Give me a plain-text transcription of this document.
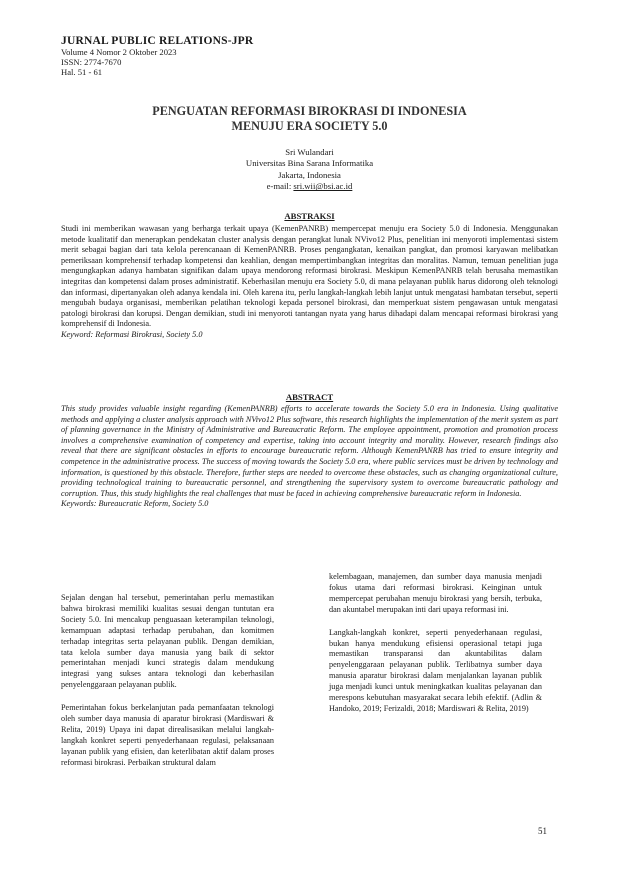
JURNAL PUBLIC RELATIONS-JPR
Volume 4 Nomor 2 Oktober 2023
ISSN: 2774-7670
Hal. 51 - 61
PENGUATAN REFORMASI BIROKRASI DI INDONESIA
MENUJU ERA SOCIETY 5.0
Sri Wulandari
Universitas Bina Sarana Informatika
Jakarta, Indonesia
e-mail: sri.wii@bsi.ac.id
ABSTRAKSI
Studi ini memberikan wawasan yang berharga terkait upaya (KemenPANRB) mempercepat menuju era Society 5.0 di Indonesia. Menggunakan metode kualitatif dan menerapkan pendekatan cluster analysis dengan perangkat lunak NVivo12 Plus, penelitian ini menyoroti implementasi sistem merit sebagai bagian dari tata kelola perencanaan di KemenPANRB. Proses pengangkatan, kenaikan pangkat, dan promosi karyawan melibatkan pemeriksaan komprehensif terhadap kompetensi dan keahlian, dengan mempertimbangkan integritas dan moralitas. Namun, temuan penelitian juga mengungkapkan adanya hambatan signifikan dalam upaya mendorong reformasi birokrasi. Meskipun KemenPANRB telah berusaha memastikan integritas dan kompetensi dalam proses administratif. Keberhasilan menuju era Society 5.0, di mana pelayanan publik harus didorong oleh teknologi dan informasi, dipertanyakan oleh adanya kendala ini. Oleh karena itu, perlu langkah-langkah lebih lanjut untuk mengatasi hambatan tersebut, seperti mengubah budaya organisasi, memberikan pelatihan teknologi kepada personel birokrasi, dan memperkuat sistem pengawasan untuk mengatasi patologi birokrasi dan korupsi. Dengan demikian, studi ini menyoroti tantangan nyata yang harus dihadapi dalam mencapai reformasi birokrasi yang komprehensif di Indonesia.
Keyword: Reformasi Birokrasi, Society 5.0
ABSTRACT
This study provides valuable insight regarding (KemenPANRB) efforts to accelerate towards the Society 5.0 era in Indonesia. Using qualitative methods and applying a cluster analysis approach with NVivo12 Plus software, this research highlights the implementation of the merit system as part of planning governance in the Ministry of Administrative and Bureaucratic Reform. The employee appointment, promotion and promotion process involves a comprehensive examination of competency and expertise, taking into account integrity and morality. However, research findings also reveal that there are significant obstacles in efforts to encourage bureaucratic reform. Although KemenPANRB has tried to ensure integrity and competence in the administrative process. The success of moving towards the Society 5.0 era, where public services must be driven by technology and information, is questioned by this obstacle. Therefore, further steps are needed to overcome these obstacles, such as changing organizational culture, providing technological training to bureaucratic personnel, and strengthening the supervisory system to overcome bureaucratic pathology and corruption. Thus, this study highlights the real challenges that must be faced in achieving comprehensive bureaucratic reform in Indonesia.
Keywords: Bureaucratic Reform, Society 5.0

Sejalan dengan hal tersebut, pemerintahan perlu memastikan bahwa birokrasi memiliki kualitas sesuai dengan tuntutan era Society 5.0. Ini mencakup penguasaan keterampilan teknologi, kemampuan adaptasi terhadap perubahan, dan komitmen terhadap integritas serta pelayanan publik. Dengan demikian, tata kelola sumber daya manusia yang baik di sektor pemerintahan menjadi kunci strategis dalam mendukung integrasi yang sukses antara teknologi dan keberhasilan penyelenggaraan pelayanan publik.

Pemerintahan fokus berkelanjutan pada pemanfaatan teknologi oleh sumber daya manusia di aparatur birokrasi (Mardiswari & Relita, 2019) Upaya ini dapat direalisasikan melalui langkah-langkah konkret seperti penyederhanaan regulasi, pelaksanaan layanan publik yang efisien, dan keterlibatan aktif dalam proses reformasi birokrasi. Perbaikan struktural dalam

kelembagaan, manajemen, dan sumber daya manusia menjadi fokus utama dari reformasi birokrasi. Keinginan untuk mempercepat perubahan menuju birokrasi yang bersih, terbuka, dan akuntabel merupakan inti dari upaya reformasi ini.

Langkah-langkah konkret, seperti penyederhanaan regulasi, bukan hanya mendukung efisiensi operasional tetapi juga memastikan transparansi dan akuntabilitas dalam penyelenggaraan pelayanan publik. Terlibatnya sumber daya manusia aparatur birokrasi dalam menjalankan layanan publik juga menjadi kunci untuk meningkatkan kualitas pelayanan dan merespons kebutuhan masyarakat secara lebih efektif. (Adlin & Handoko, 2019; Ferizaldi, 2018; Mardiswari & Relita, 2019)

51
